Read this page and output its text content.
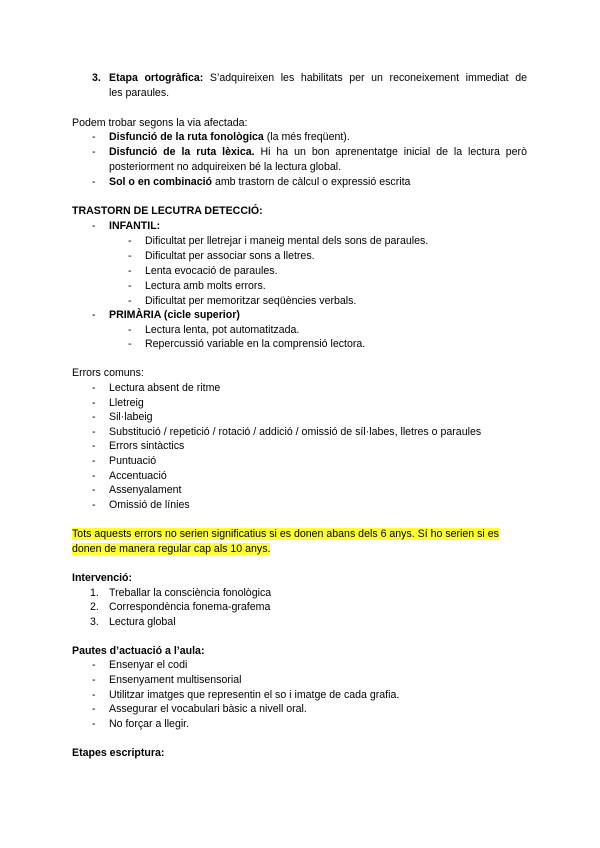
3. Etapa ortogràfica: S’adquireixen les habilitats per un reconeixement immediat de
les paraules.
Podem trobar segons la via afectada:
- Disfunció de la ruta fonològica (la més freqüent).
- Disfunció de la ruta lèxica. Hi ha un bon aprenentatge inicial de la lectura però
posteriorment no adquireixen bé la lectura global.
- Sol o en combinació amb trastorn de càlcul o expressió escrita
TRASTORN DE LECUTRA DETECCIÓ:
- INFANTIL:
- Dificultat per lletrejar i maneig mental dels sons de paraules.
- Dificultat per associar sons a lletres.
- Lenta evocació de paraules.
- Lectura amb molts errors.
- Dificultat per memoritzar seqüències verbals.
- PRIMÀRIA (cicle superior)
- Lectura lenta, pot automatitzada.
- Repercussió variable en la comprensió lectora.
Errors comuns:
- Lectura absent de ritme
- Lletreig
- Sil·labeig
- Substitució / repetició / rotació / addició / omissió de síl·labes, lletres o paraules
- Errors sintàctics
- Puntuació
- Accentuació
- Assenyalament
- Omissió de línies
Tots aquests errors no serien significatius si es donen abans dels 6 anys. Sí ho serien si es
donen de manera regular cap als 10 anys.
Intervenció:
1. Treballar la consciència fonològica
2. Correspondència fonema-grafema
3. Lectura global
Pautes d’actuació a l’aula:
- Ensenyar el codi
- Ensenyament multisensorial
- Utilitzar imatges que representin el so i imatge de cada grafia.
- Assegurar el vocabulari bàsic a nivell oral.
- No forçar a llegir.
Etapes escriptura:
